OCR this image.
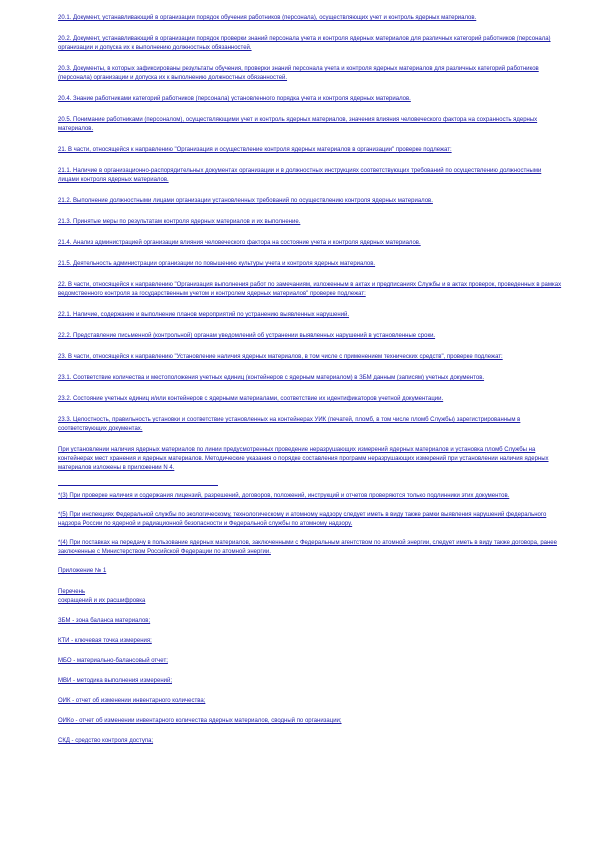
20.1. Документ, устанавливающий в организации порядок обучения работников (персонала), осуществляющих учет и контроль ядерных материалов.

20.2. Документ, устанавливающий в организации порядок проверки знаний персонала учета и контроля ядерных материалов для различных категорий работников (персонала) организации и допуска их к выполнению должностных обязанностей.

20.3. Документы, в которых зафиксированы результаты обучения, проверки знаний персонала учета и контроля ядерных материалов для различных категорий работников (персонала) организации и допуска их к выполнению должностных обязанностей.

20.4. Знание работниками категорий работников (персонала) установленного порядка учета и контроля ядерных материалов.

20.5. Понимание работниками (персоналом), осуществляющими учет и контроль ядерных материалов, значения влияния человеческого фактора на сохранность ядерных материалов.

21. В части, относящейся к направлению "Организация и осуществление контроля ядерных материалов в организации" проверке подлежат:

21.1. Наличие в организационно-распорядительных документах организации и в должностных инструкциях соответствующих требований по осуществлению должностными лицами контроля ядерных материалов.

21.2. Выполнение должностными лицами организации установленных требований по осуществлению контроля ядерных материалов.

21.3. Принятые меры по результатам контроля ядерных материалов и их выполнение.

21.4. Анализ администрацией организации влияния человеческого фактора на состояние учета и контроля ядерных материалов.

21.5. Деятельность администрации организации по повышению культуры учета и контроля ядерных материалов.

22. В части, относящейся к направлению "Организация выполнения работ по замечаниям, изложенным в актах и предписаниях Службы и в актах проверок, проведенных в рамках ведомственного контроля за государственным учетом и контролем ядерных материалов" проверке подлежат:

22.1. Наличие, содержание и выполнение планов мероприятий по устранению выявленных нарушений.

22.2. Представление письменной (контрольной) органам уведомлений об устранении выявленных нарушений в установленные сроки.

23. В части, относящейся к направлению "Установление наличия ядерных материалов, в том числе с применением технических средств", проверке подлежат:

23.1. Соответствие количества и местоположения учетных единиц (контейнеров с ядерным материалом) в ЗБМ данным (записям) учетных документов.

23.2. Состояние учетных единиц и/или контейнеров с ядерными материалами, соответствие их идентификаторов учетной документации.

23.3. Целостность, правильность установки и соответствие установленных на контейнерах УИК (печатей, пломб, в том числе пломб Службы) зарегистрированным в соответствующих документах.

При установлении наличия ядерных материалов по линии предусмотренных проведение неразрушающих измерений ядерных материалов и установка пломб Службы на контейнерах мест хранения и ядерных материалов. Методические указания о порядке составления программ неразрушающих измерений при установлении наличия ядерных материалов изложены в приложении N 4.

*(3) При проверке наличия и содержания лицензий, разрешений, договоров, положений, инструкций и отчетов проверяются только подлинники этих документов.

*(5) При инспекциях Федеральной службы по экологическому, технологическому и атомному надзору следует иметь в виду также рамки выявления нарушений федерального надзора России по ядерной и радиационной безопасности и Федеральной службы по атомному надзору.

*(4) При поставках на передачу в пользование ядерных материалов, заключенными с Федеральным агентством по атомной энергии, следует иметь в виду также договора, ранее заключенные с Министерством Российской Федерации по атомной энергии.

Приложение № 1

Перечень

сокращений и их расшифровка

ЗБМ - зона баланса материалов;

КТИ - ключевая точка измерения;

МБО - материально-балансовый отчет;

МВИ - методика выполнения измерений;

ОИК - отчет об изменении инвентарного количества;

ОИКо - отчет об изменении инвентарного количества ядерных материалов, сводный по организации;

СКД - средство контроля доступа;
